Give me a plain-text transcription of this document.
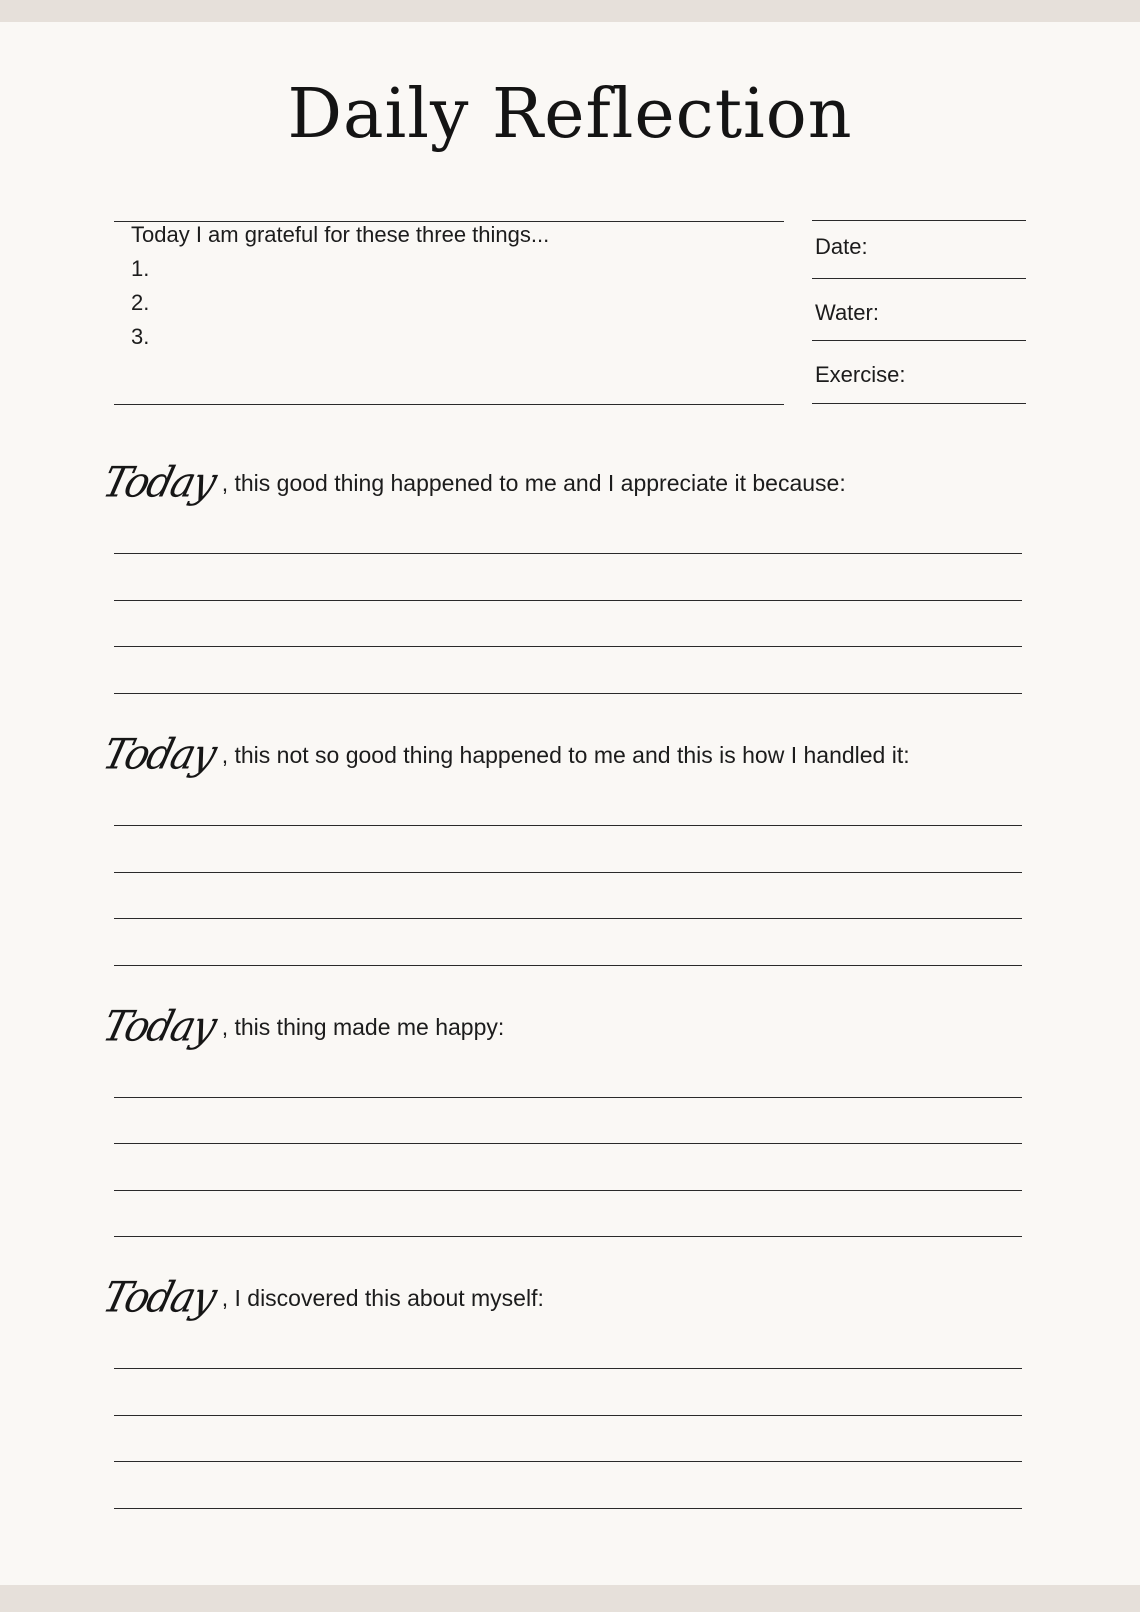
Daily Reflection
Today I am grateful for these three things...
1.
2.
3.
Date:
Water:
Exercise:
Today , this good thing happened to me and I appreciate it because:
Today , this not so good thing happened to me and this is how I handled it:
Today , this thing made me happy:
Today , I discovered this about myself:
